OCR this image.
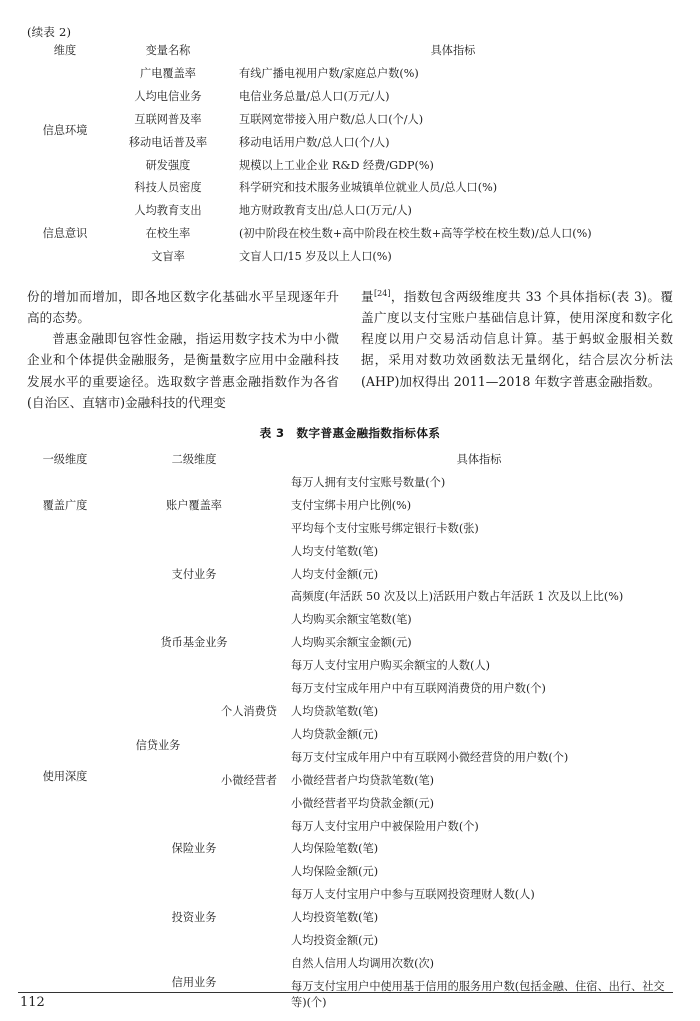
(续表 2)
维度	变量名称	具体指标

信息环境	广电覆盖率	有线广播电视用户数/家庭总户数(%)

	人均电信业务	电信业务总量/总人口(万元/人)

	互联网普及率	互联网宽带接入用户数/总人口(个/人)

	移动电话普及率	移动电话用户数/总人口(个/人)

	研发强度	规模以上工业企业 R&D 经费/GDP(%)

	科技人员密度	科学研究和技术服务业城镇单位就业人员/总人口(%)

信息意识	人均教育支出	地方财政教育支出/总人口(万元/人)

	在校生率	(初中阶段在校生数+高中阶段在校生数+高等学校在校生数)/总人口(%)

	文盲率	文盲人口/15 岁及以上人口(%)

份的增加而增加，即各地区数字化基础水平呈现逐年升高的态势。

普惠金融即包容性金融，指运用数字技术为中小微企业和个体提供金融服务，是衡量数字应用中金融科技发展水平的重要途径。选取数字普惠金融指数作为各省(自治区、直辖市)金融科技的代理变

量[24]，指数包含两级维度共 33 个具体指标(表 3)。覆盖广度以支付宝账户基础信息计算，使用深度和数字化程度以用户交易活动信息计算。基于蚂蚁金服相关数据，采用对数功效函数法无量纲化，结合层次分析法(AHP)加权得出 2011—2018 年数字普惠金融指数。

表 3　数字普惠金融指数指标体系
一级维度	二级维度		具体指标

覆盖广度	账户覆盖率		每万人拥有支付宝账号数量(个)

			支付宝绑卡用户比例(%)

			平均每个支付宝账号绑定银行卡数(张)

使用深度	支付业务		人均支付笔数(笔)

			人均支付金额(元)

			高频度(年活跃 50 次及以上)活跃用户数占年活跃 1 次及以上比(%)

	货币基金业务		人均购买余额宝笔数(笔)

			人均购买余额宝金额(元)

			每万人支付宝用户购买余额宝的人数(人)

	信贷业务	个人消费贷	每万支付宝成年用户中有互联网消费贷的用户数(个)

			人均贷款笔数(笔)

			人均贷款金额(元)

		小微经营者	每万支付宝成年用户中有互联网小微经营贷的用户数(个)

			小微经营者户均贷款笔数(笔)

			小微经营者平均贷款金额(元)

	保险业务		每万人支付宝用户中被保险用户数(个)

			人均保险笔数(笔)

			人均保险金额(元)

	投资业务		每万人支付宝用户中参与互联网投资理财人数(人)

			人均投资笔数(笔)

			人均投资金额(元)

	信用业务		自然人信用人均调用次数(次)

			每万支付宝用户中使用基于信用的服务用户数(包括金融、住宿、出行、社交等)(个)
112
